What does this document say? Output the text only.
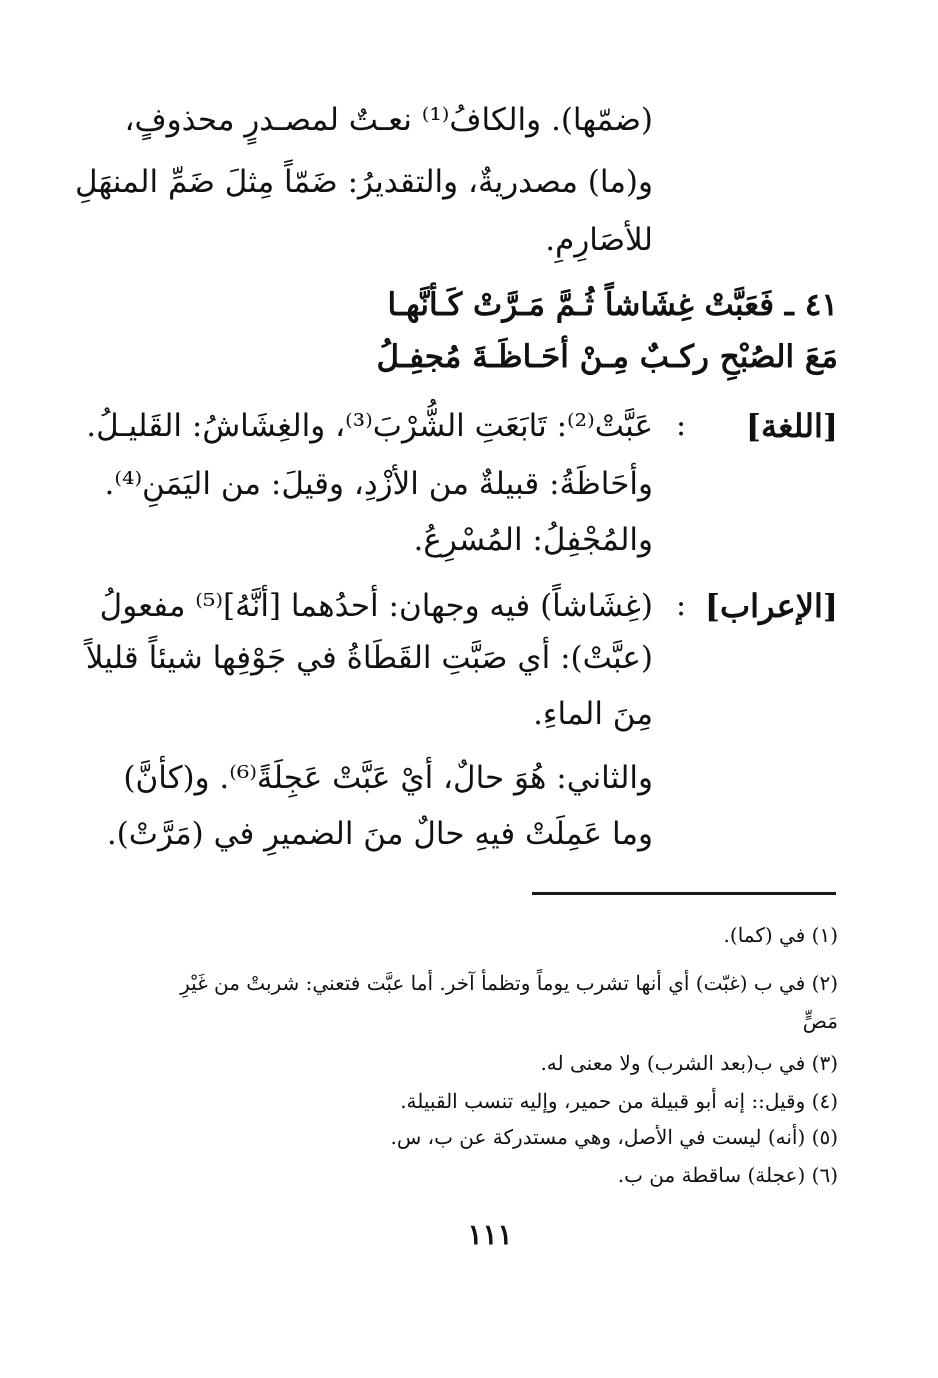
(ضمّها). والكافُ⁽¹⁾ نعـتٌ لمصـدرٍ محذوفٍ،
و(ما) مصدريةٌ، والتقديرُ: ضَمّاً مِثلَ ضَمِّ المنهَلِ
للأصَارِمِ.
٤١ ـ فَعَبَّتْ غِشَاشاً ثُـمَّ مَـرَّتْ كَـأنَّهـا
مَعَ الصُبْحِ ركـبٌ مِـنْ أحَـاظَـةَ مُجفِـلُ
[اللغة]
:
عَبَّتْ⁽²⁾: تَابَعَتِ الشُّرْبَ⁽³⁾، والغِشَاشُ: القَليـلُ.
وأحَاظَةُ: قبيلةٌ من الأزْدِ، وقيلَ: من اليَمَنِ⁽⁴⁾.
والمُجْفِلُ: المُسْرِعُ.
[الإعراب]
:
(غِشَاشاً) فيه وجهان: أحدُهما [أنَّهُ]⁽⁵⁾ مفعولُ
(عبَّتْ): أي صَبَّتِ القَطَاةُ في جَوْفِها شيئاً قليلاً
مِنَ الماءِ.
والثاني: هُوَ حالٌ، أيْ عَبَّتْ عَجِلَةً⁽⁶⁾. و(كأنَّ)
وما عَمِلَتْ فيهِ حالٌ منَ الضميرِ في (مَرَّتْ).
(١) في (كما).
(٢) في ب (غبّت) أي أنها تشرب يوماً وتظمأ آخر. أما عبَّت فتعني: شربتْ من غَيْرِ
مَصٍّ
(٣) في ب(بعد الشرب) ولا معنى له.
(٤) وقيل:: إنه أبو قبيلة من حمير، وإليه تنسب القبيلة.
(٥) (أنه) ليست في الأصل، وهي مستدركة عن ب، س.
(٦) (عجلة) ساقطة من ب.
١١١
